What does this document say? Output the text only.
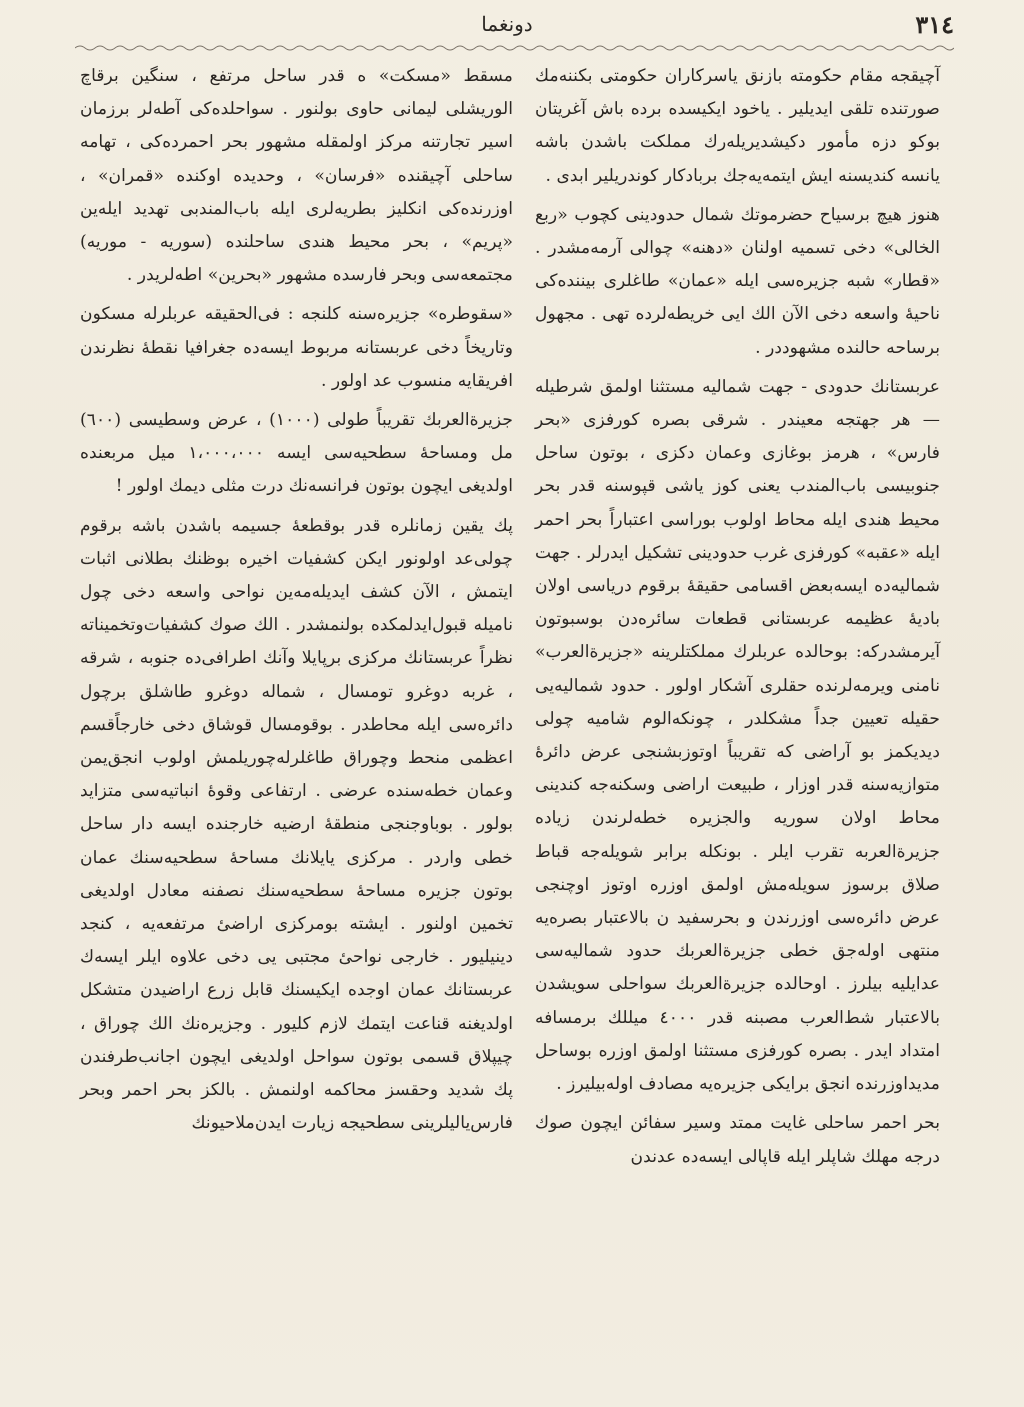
٣١٤
دونغما

آچیقجه مقام حکومته بازنق یاسرکاران حکومتی بکننه‌مك صورتنده تلقی ایدیلیر . یاخود ایکیسده برده باش آغریتان بوکو دزه مأمور دکیشدیریله‌رك مملکت باشدن باشه یانسه کندیسنه ایش ایتمه‌یه‌جك بربادکار کوندریلیر ابدی .

هنوز هیچ برسیاح حضرموتك شمال حدودینی کچوب «ربع الخالی» دخی تسمیه اولنان «دهنه» چوالی آرمه‌مشدر . «قطار» شبه جزیره‌سی ایله «عمان» طاغلری بیننده‌کی ناحیهٔ واسعه دخی الآن الك ایی خریطه‌لرده تهی . مجهول برساحه حالنده مشهوددر .

عربستانك حدودی - جهت شمالیه مستثنا اولمق شرطیله — هر جهتجه معیندر . شرقی بصره کورفزی «بحر فارس» ، هرمز بوغازی وعمان دکزی ، بوتون ساحل جنوبیسی باب‌المندب یعنی کوز یاشی قپوسنه قدر بحر محیط هندی ایله محاط اولوب بوراسی اعتباراً بحر احمر ایله «عقبه» کورفزی غرب حدودینی تشکیل ایدرلر . جهت شمالیه‌ده ایسه‌بعض اقسامی حقیقهٔ برقوم دریاسی اولان بادیهٔ عظیمه عربستانی قطعات سائره‌دن بوسبوتون آیرمشدرکه: بوحالده عربلرك مملکتلرینه «جزیرة‌العرب» نامنی ویرمه‌لرنده حقلری آشکار اولور . حدود شمالیه‌یی حقیله تعیین جداً مشکلدر ، چونکه‌الوم شامیه چولی دیدیکمز بو آراضی که تقریباً اوتوزبشنجی عرض دائرهٔ متوازیه‌سنه قدر اوزار ، طبیعت اراضی وسکنه‌جه کندینی محاط اولان سوریه والجزیره خطه‌لرندن زیاده جزیرة‌العربه تقرب ایلر . بونکله برابر شویله‌جه قباط صلاق برسوز سویله‌مش اولمق اوزره اوتوز اوچنجی عرض دائره‌سی اوزرندن و بحرسفید ن بالاعتبار بصره‌یه منتهی اوله‌جق خطی جزیرة‌العربك حدود شمالیه‌سی عدایلیه بیلرز . اوحالده جزیرة‌العربك سواحلی سویشدن بالاعتبار شط‌العرب مصبنه قدر ٤٠٠٠ میللك برمسافه امتداد ایدر . بصره کورفزی مستثنا اولمق اوزره بوساحل مدیداوزرنده انجق برایکی جزیره‌یه مصادف اوله‌بیلیرز .

بحر احمر ساحلی غایت ممتد وسیر سفائن ایچون صوك درجه مهلك شاپلر ایله قاپالی ایسه‌ده عدندن

مسقط «مسكت» ه قدر ساحل مرتفع ، سنگین برقاچ الوریشلی لیمانی حاوی بولنور . سواحلده‌کی آطه‌لر برزمان اسیر تجارتنه مرکز اولمقله مشهور بحر احمرده‌کی ، تهامه ساحلی آچیقنده «فرسان» ، وحدیده اوکنده «قمران» ، اوزرنده‌کی انکلیز بطریه‌لری ایله باب‌المندبی تهدید ایله‌ین «پریم» ، بحر محیط هندی ساحلنده (سوریه - موریه) مجتمعه‌سی وبحر فارسده مشهور «بحرین» اطه‌لریدر .

«سقوطره» جزیره‌سنه کلنجه : فی‌الحقیقه عربلرله مسکون وتاریخاً دخی عربستانه مربوط ایسه‌ده جغرافیا نقطهٔ نظرندن افریقایه منسوب عد اولور .

جزیرة‌العربك تقریباً طولی (١٠٠٠) ، عرض وسطیسی (٦٠٠) مل ومساحهٔ سطحیه‌سی ایسه ١،٠٠٠،٠٠٠ میل مربعنده اولدیغی ایچون بوتون فرانسه‌نك درت مثلی دیمك اولور !

پك یقین زمانلره قدر بوقطعهٔ جسیمه باشدن باشه برقوم چولی‌عد اولونور ایکن کشفیات اخیره بوظنك بطلانی اثبات ایتمش ، الآن کشف ایدیله‌مه‌ین نواحی واسعه دخی چول نامیله قبول‌ایدلمکده بولنمشدر . الك صوك کشفیات‌وتخمیناته نظراً عربستانك مرکزی برپایلا وآنك اطرافی‌ده جنوبه ، شرقه ، غربه دوغرو تومسال ، شماله دوغرو طاشلق برچول دائره‌سی ایله محاطدر . بوقومسال قوشاق دخی خارجاً‌قسم اعظمی منحط وچوراق طاغلرله‌چوریلمش اولوب انجق‌یمن وعمان خطه‌سنده عرضی . ارتفاعی وقوهٔ انباتیه‌سی متزاید بولور . بوباوجنجی منطقهٔ ارضیه خارجنده ایسه دار ساحل خطی واردر . مرکزی یایلانك مساحهٔ سطحیه‌سنك عمان بوتون جزیره مساحهٔ سطحیه‌سنك نصفنه معادل اولدیغی تخمین اولنور . ایشته بومرکزی اراضیٔ مرتفعه‌یه ، کنجد دینیلیور . خارجی نواحیٔ مجتبی یی دخی علاوه ایلر ایسه‌ك عربستانك عمان اوجده ایکیسنك قابل زرع اراضیدن متشکل اولدیغنه قناعت ایتمك لازم کلیور . وجزیره‌نك الك چوراق ، چیپلاق قسمی بوتون سواحل اولدیغی ایچون اجانب‌طرفندن پك شدید وحقسز محاکمه اولنمش . بالکز بحر احمر وبحر فارس‌یالیلرینی سطحیجه زیارت ایدن‌ملاحیونك
